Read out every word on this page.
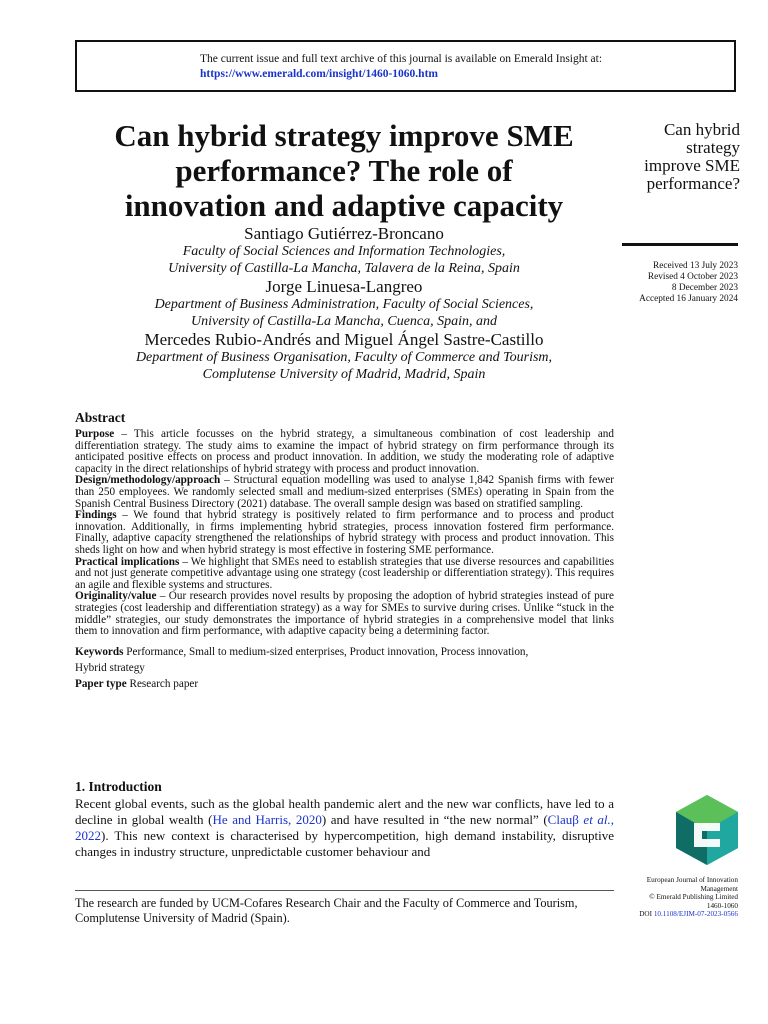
The current issue and full text archive of this journal is available on Emerald Insight at:
https://www.emerald.com/insight/1460-1060.htm
Can hybrid strategy improve SME
performance? The role of
innovation and adaptive capacity
Can hybrid
strategy
improve SME
performance?
Received 13 July 2023
Revised 4 October 2023
8 December 2023
Accepted 16 January 2024
Santiago Gutiérrez-Broncano
Faculty of Social Sciences and Information Technologies,
University of Castilla-La Mancha, Talavera de la Reina, Spain
Jorge Linuesa-Langreo
Department of Business Administration, Faculty of Social Sciences,
University of Castilla-La Mancha, Cuenca, Spain, and
Mercedes Rubio-Andrés and Miguel Ángel Sastre-Castillo
Department of Business Organisation, Faculty of Commerce and Tourism,
Complutense University of Madrid, Madrid, Spain
Abstract

Purpose – This article focusses on the hybrid strategy, a simultaneous combination of cost leadership and differentiation strategy. The study aims to examine the impact of hybrid strategy on firm performance through its anticipated positive effects on process and product innovation. In addition, we study the moderating role of adaptive capacity in the direct relationships of hybrid strategy with process and product innovation.

Design/methodology/approach – Structural equation modelling was used to analyse 1,842 Spanish firms with fewer than 250 employees. We randomly selected small and medium-sized enterprises (SMEs) operating in Spain from the Spanish Central Business Directory (2021) database. The overall sample design was based on stratified sampling.

Findings – We found that hybrid strategy is positively related to firm performance and to process and product innovation. Additionally, in firms implementing hybrid strategies, process innovation fostered firm performance. Finally, adaptive capacity strengthened the relationships of hybrid strategy with process and product innovation. This sheds light on how and when hybrid strategy is most effective in fostering SME performance.

Practical implications – We highlight that SMEs need to establish strategies that use diverse resources and capabilities and not just generate competitive advantage using one strategy (cost leadership or differentiation strategy). This requires an agile and flexible systems and structures.

Originality/value – Our research provides novel results by proposing the adoption of hybrid strategies instead of pure strategies (cost leadership and differentiation strategy) as a way for SMEs to survive during crises. Unlike “stuck in the middle” strategies, our study demonstrates the importance of hybrid strategies in a comprehensive model that links them to innovation and firm performance, with adaptive capacity being a determining factor.

Keywords Performance, Small to medium-sized enterprises, Product innovation, Process innovation,
Hybrid strategy
Paper type Research paper
1. Introduction
Recent global events, such as the global health pandemic alert and the new war conflicts, have led to a decline in global wealth (He and Harris, 2020) and have resulted in “the new normal” (Clauβ et al., 2022). This new context is characterised by hypercompetition, high demand instability, disruptive changes in industry structure, unpredictable customer behaviour and
The research are funded by UCM-Cofares Research Chair and the Faculty of Commerce and Tourism, Complutense University of Madrid (Spain).
European Journal of Innovation
Management
© Emerald Publishing Limited
1460-1060
DOI 10.1108/EJIM-07-2023-0566
